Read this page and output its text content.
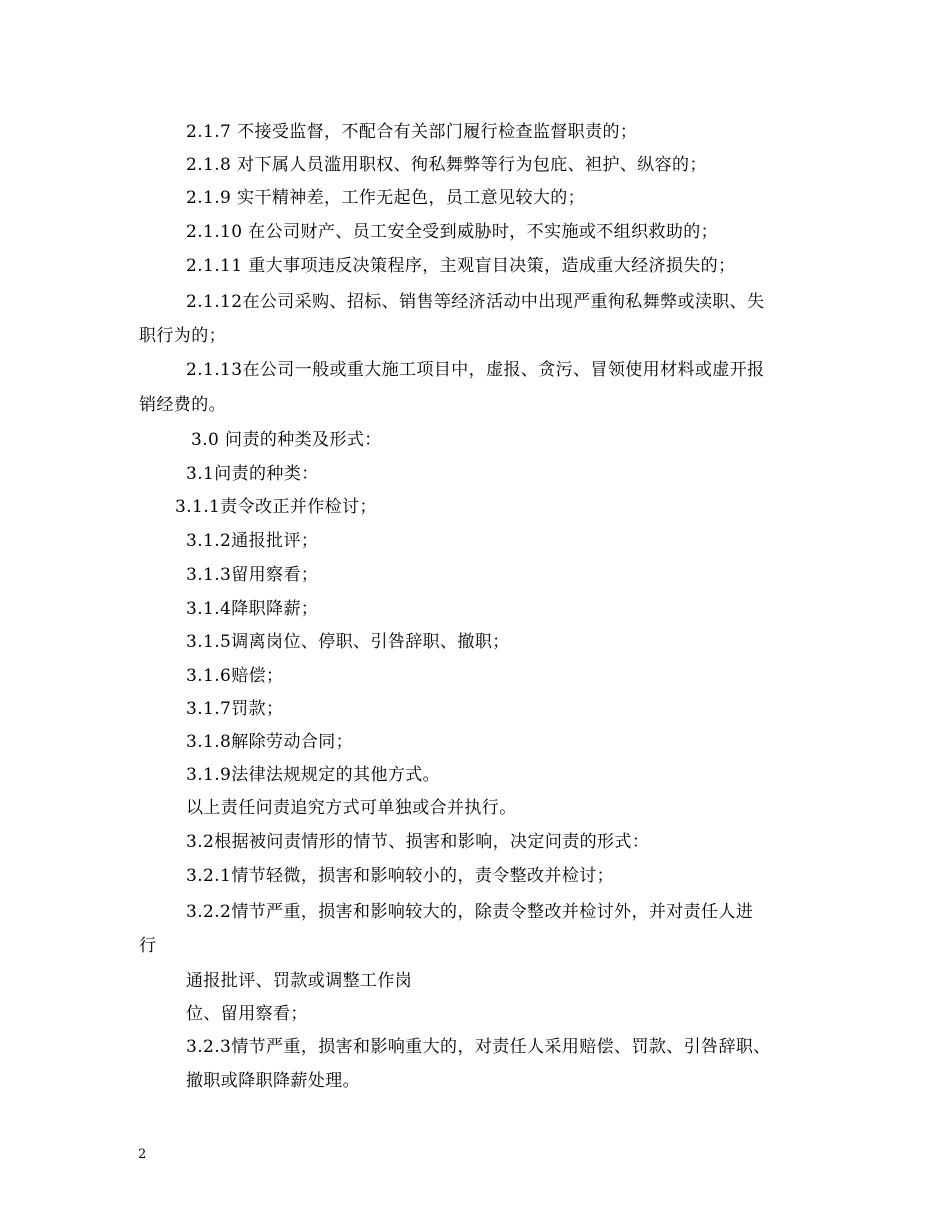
2.1.7 不接受监督，不配合有关部门履行检查监督职责的；
2.1.8 对下属人员滥用职权、徇私舞弊等行为包庇、袒护、纵容的；
2.1.9 实干精神差，工作无起色，员工意见较大的；
2.1.10 在公司财产、员工安全受到威胁时，不实施或不组织救助的；
2.1.11 重大事项违反决策程序，主观盲目决策，造成重大经济损失的；
2.1.12在公司采购、招标、销售等经济活动中出现严重徇私舞弊或渎职、失
职行为的；
2.1.13在公司一般或重大施工项目中，虚报、贪污、冒领使用材料或虚开报
销经费的。
3.0 问责的种类及形式：
3.1问责的种类：
3.1.1责令改正并作检讨；
3.1.2通报批评；
3.1.3留用察看；
3.1.4降职降薪；
3.1.5调离岗位、停职、引咎辞职、撤职；
3.1.6赔偿；
3.1.7罚款；
3.1.8解除劳动合同；
3.1.9法律法规规定的其他方式。
以上责任问责追究方式可单独或合并执行。
3.2根据被问责情形的情节、损害和影响，决定问责的形式：
3.2.1情节轻微，损害和影响较小的，责令整改并检讨；
3.2.2情节严重，损害和影响较大的，除责令整改并检讨外，并对责任人进
行
通报批评、罚款或调整工作岗
位、留用察看；
3.2.3情节严重，损害和影响重大的，对责任人采用赔偿、罚款、引咎辞职、
撤职或降职降薪处理。
2
